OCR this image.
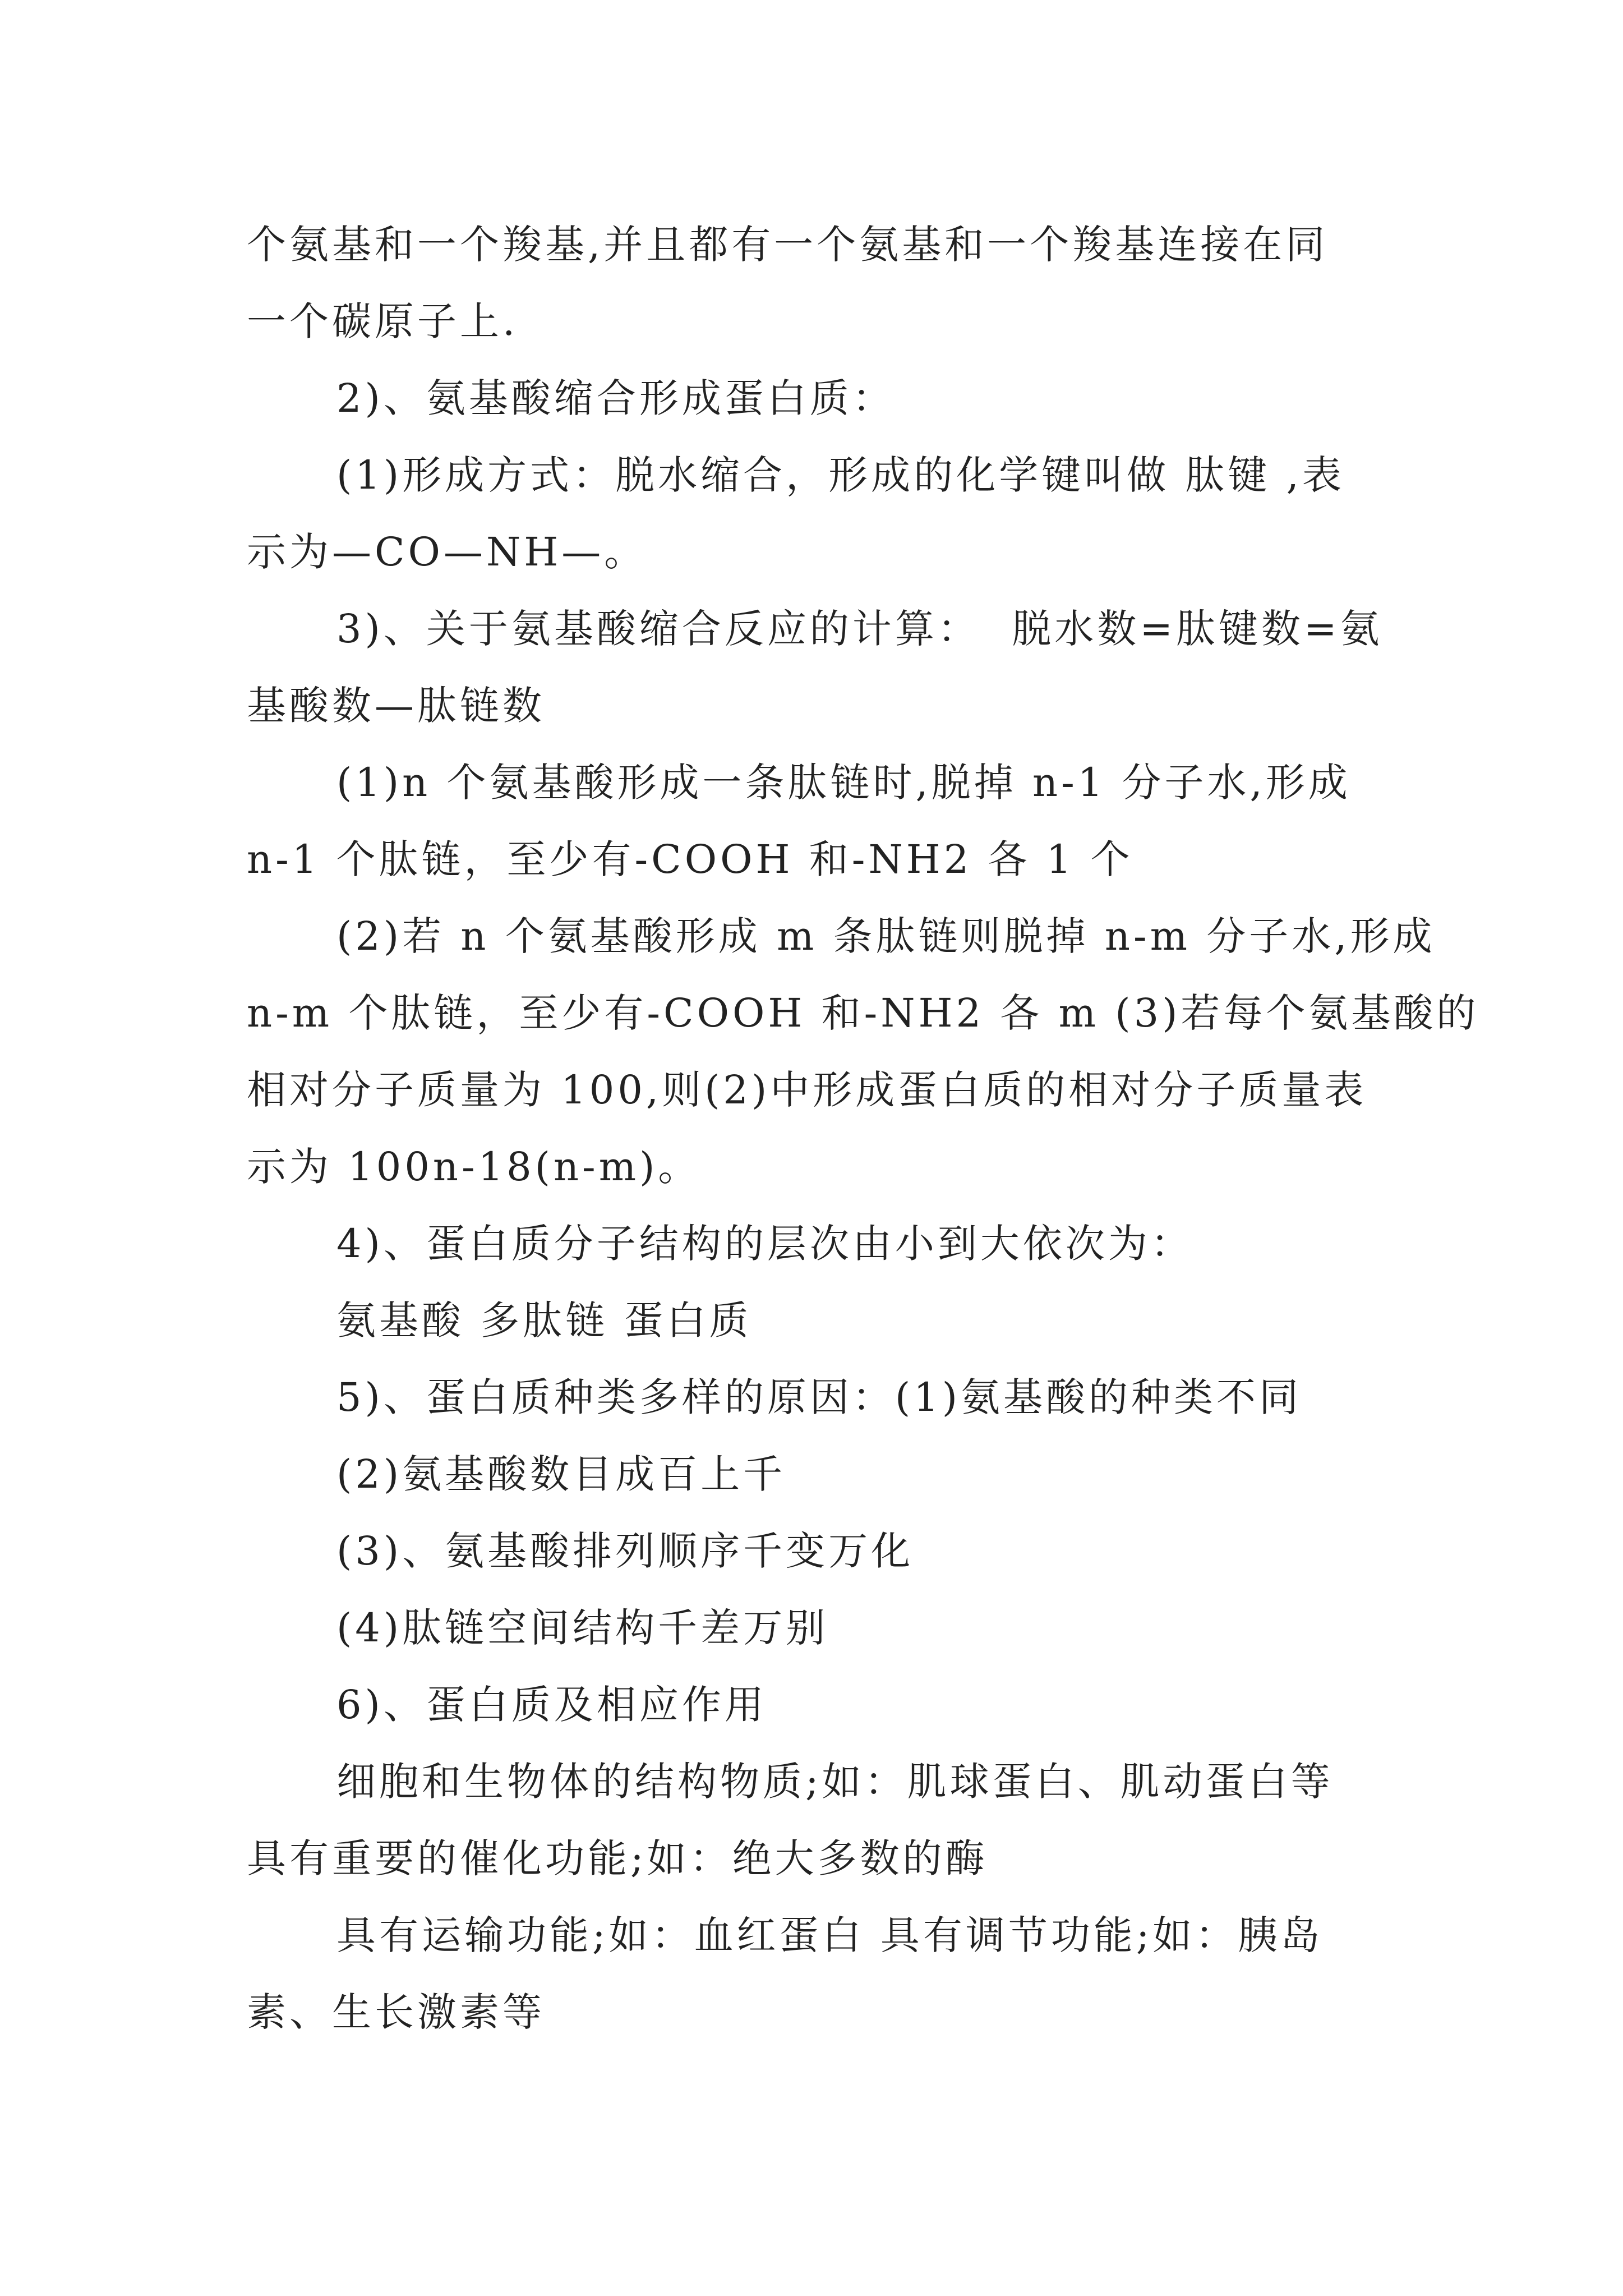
个氨基和一个羧基,并且都有一个氨基和一个羧基连接在同
一个碳原子上.
2)、氨基酸缩合形成蛋白质：
(1)形成方式：脱水缩合，形成的化学键叫做 肽键 ,表
示为—CO—NH—。
3)、关于氨基酸缩合反应的计算：  脱水数=肽键数=氨
基酸数—肽链数
(1)n 个氨基酸形成一条肽链时,脱掉 n-1 分子水,形成
n-1 个肽链，至少有-COOH 和-NH2 各 1 个
(2)若 n 个氨基酸形成 m 条肽链则脱掉 n-m 分子水,形成
n-m 个肽链，至少有-COOH 和-NH2 各 m (3)若每个氨基酸的
相对分子质量为 100,则(2)中形成蛋白质的相对分子质量表
示为 100n-18(n-m)。
4)、蛋白质分子结构的层次由小到大依次为：
氨基酸 多肽链 蛋白质
5)、蛋白质种类多样的原因：(1)氨基酸的种类不同
(2)氨基酸数目成百上千
(3)、氨基酸排列顺序千变万化
(4)肽链空间结构千差万别
6)、蛋白质及相应作用
细胞和生物体的结构物质;如：肌球蛋白、肌动蛋白等
具有重要的催化功能;如：绝大多数的酶
具有运输功能;如：血红蛋白 具有调节功能;如：胰岛
素、生长激素等
